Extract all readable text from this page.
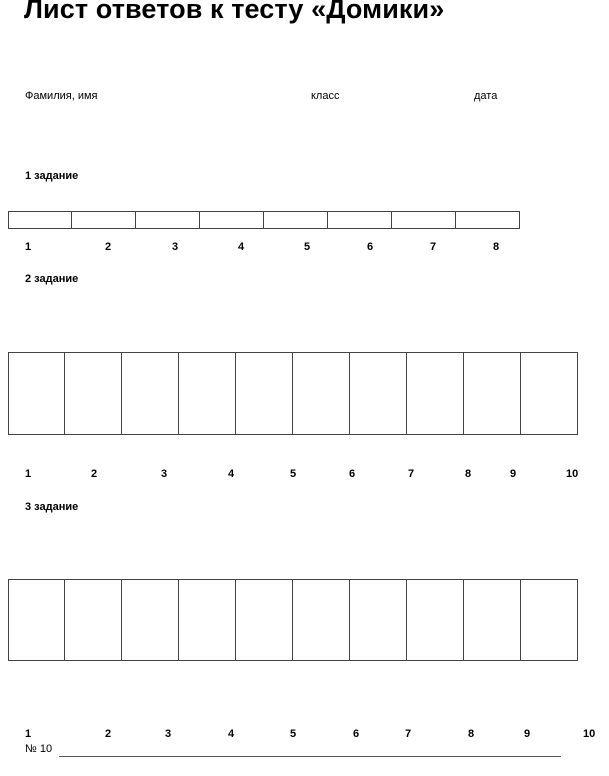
Лист ответов к тесту «Домики»
Фамилия, имя	класс	дата
1 задание
1	2	3	4	5	6	7	8
2 задание
1	2	3	4	5	6	7	8	9	10
3 задание
1	2	3	4	5	6	7	8	9	10
№ 10
